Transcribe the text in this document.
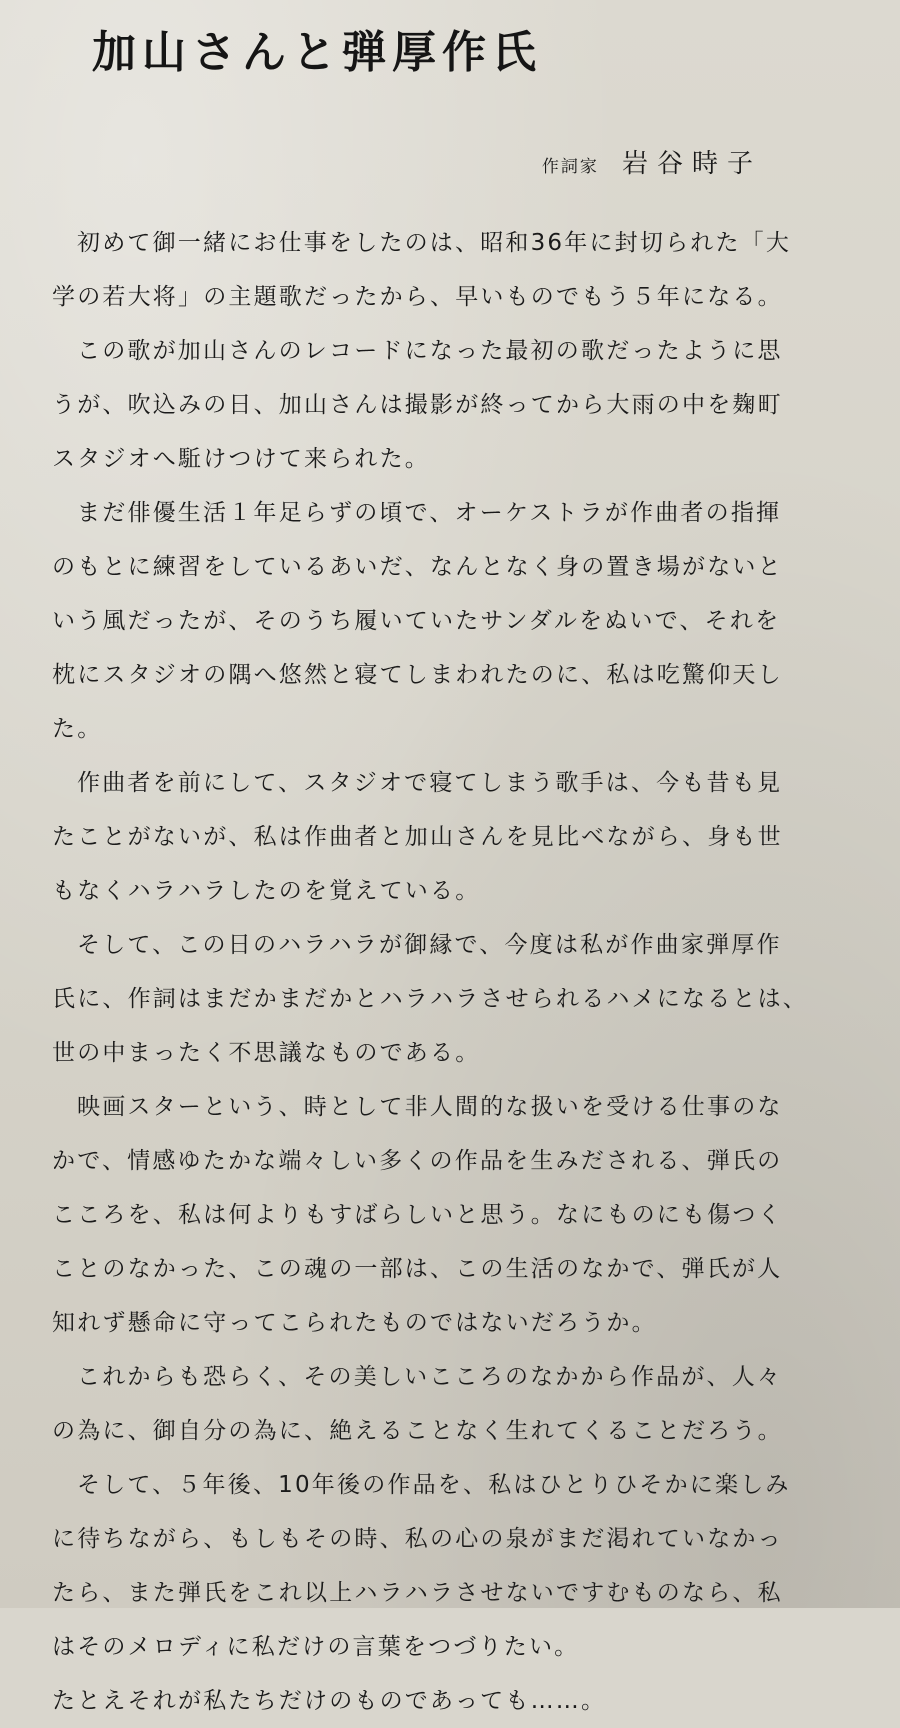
加山さんと弾厚作氏
作詞家 岩谷時子
初めて御一緒にお仕事をしたのは、昭和36年に封切られた「大
学の若大将」の主題歌だったから、早いものでもう５年になる。
この歌が加山さんのレコードになった最初の歌だったように思
うが、吹込みの日、加山さんは撮影が終ってから大雨の中を麹町
スタジオへ駈けつけて来られた。
まだ俳優生活１年足らずの頃で、オーケストラが作曲者の指揮
のもとに練習をしているあいだ、なんとなく身の置き場がないと
いう風だったが、そのうち履いていたサンダルをぬいで、それを
枕にスタジオの隅へ悠然と寝てしまわれたのに、私は吃驚仰天し
た。
作曲者を前にして、スタジオで寝てしまう歌手は、今も昔も見
たことがないが、私は作曲者と加山さんを見比べながら、身も世
もなくハラハラしたのを覚えている。
そして、この日のハラハラが御縁で、今度は私が作曲家弾厚作
氏に、作詞はまだかまだかとハラハラさせられるハメになるとは、
世の中まったく不思議なものである。
映画スターという、時として非人間的な扱いを受ける仕事のな
かで、情感ゆたかな端々しい多くの作品を生みだされる、弾氏の
こころを、私は何よりもすばらしいと思う。なにものにも傷つく
ことのなかった、この魂の一部は、この生活のなかで、弾氏が人
知れず懸命に守ってこられたものではないだろうか。
これからも恐らく、その美しいこころのなかから作品が、人々
の為に、御自分の為に、絶えることなく生れてくることだろう。
そして、５年後、10年後の作品を、私はひとりひそかに楽しみ
に待ちながら、もしもその時、私の心の泉がまだ渇れていなかっ
たら、また弾氏をこれ以上ハラハラさせないですむものなら、私
はそのメロディに私だけの言葉をつづりたい。
たとえそれが私たちだけのものであっても……。
